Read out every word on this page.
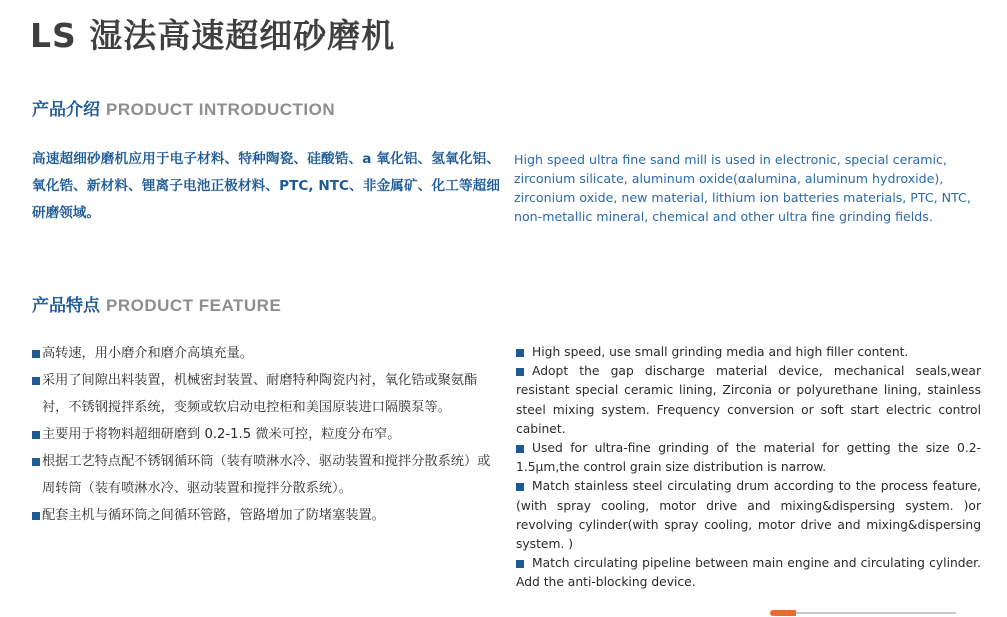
LS 湿法高速超细砂磨机
产品介绍 PRODUCT INTRODUCTION

高速超细砂磨机应用于电子材料、特种陶瓷、硅酸锆、a 氧化铝、氢氧化铝、氧化锆、新材料、锂离子电池正极材料、PTC, NTC、非金属矿、化工等超细研磨领域。

High speed ultra fine sand mill is used in electronic, special ceramic, zirconium silicate, aluminum oxide(αalumina, aluminum hydroxide), zirconium oxide, new material, lithium ion batteries materials, PTC, NTC, non-metallic mineral, chemical and other ultra fine grinding fields.

产品特点 PRODUCT FEATURE
高转速，用小磨介和磨介高填充量。
采用了间隙出料装置，机械密封装置、耐磨特种陶瓷内衬，氧化锆或聚氨酯衬，不锈钢搅拌系统，变频或软启动电控柜和美国原装进口隔膜泵等。
主要用于将物料超细研磨到 0.2-1.5 微米可控，粒度分布窄。
根据工艺特点配不锈钢循环筒（装有喷淋水冷、驱动装置和搅拌分散系统）或周转筒（装有喷淋水冷、驱动装置和搅拌分散系统）。
配套主机与循环筒之间循环管路，管路增加了防堵塞装置。
High speed, use small grinding media and high filler content.
Adopt the gap discharge material device, mechanical seals,wear resistant special ceramic lining, Zirconia or polyurethane lining, stainless steel mixing system. Frequency conversion or soft start electric control cabinet.
Used for ultra-fine grinding of the material for getting the size 0.2-1.5μm,the control grain size distribution is narrow.
Match stainless steel circulating drum according to the process feature, (with spray cooling, motor drive and mixing&dispersing system. )or revolving cylinder(with spray cooling, motor drive and mixing&dispersing system. )
Match circulating pipeline between main engine and circulating cylinder. Add the anti-blocking device.
